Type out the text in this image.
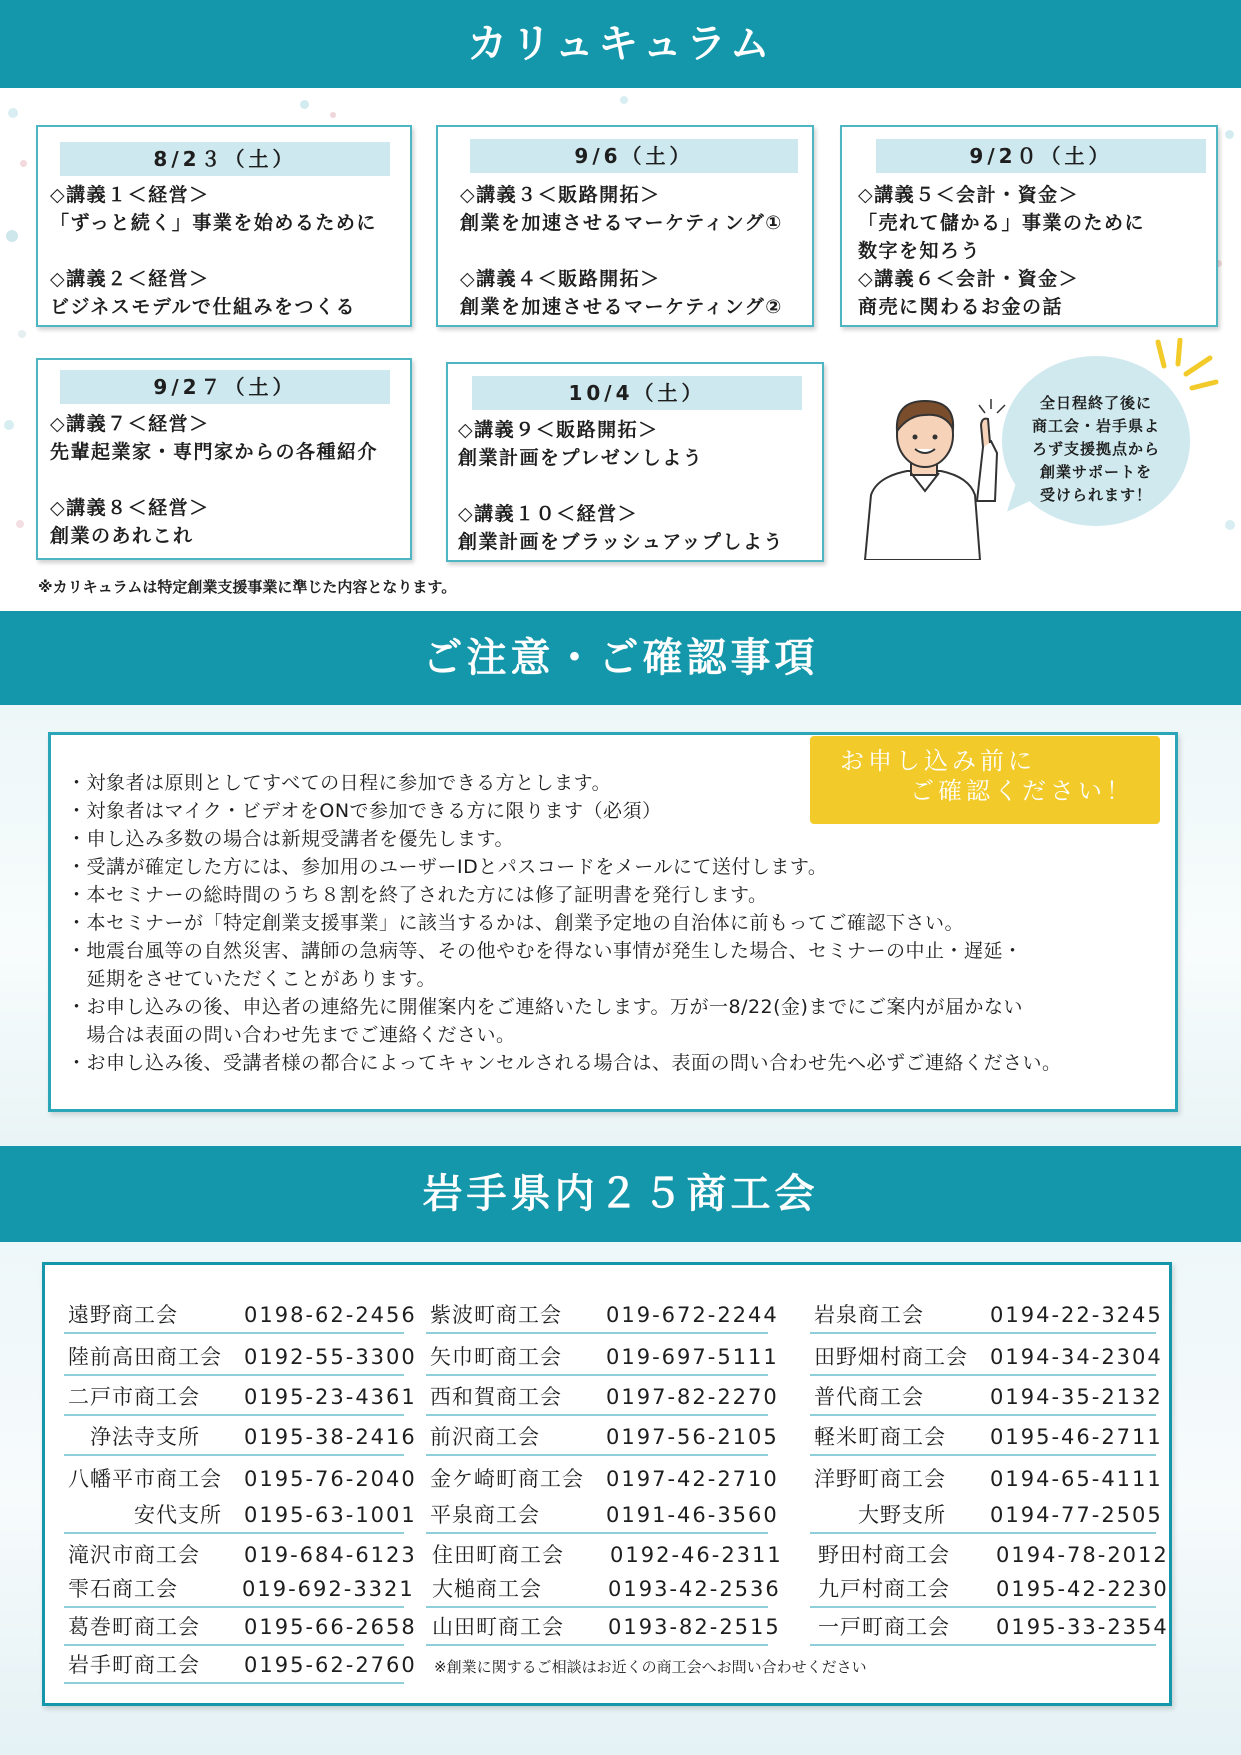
カリュキュラム
8/2３（土）
◇講義１＜経営＞
「ずっと続く」事業を始めるために
◇講義２＜経営＞
ビジネスモデルで仕組みをつくる
9/6（土）
◇講義３＜販路開拓＞
創業を加速させるマーケティング①
◇講義４＜販路開拓＞
創業を加速させるマーケティング②
9/2０（土）
◇講義５＜会計・資金＞
「売れて儲かる」事業のために
数字を知ろう
◇講義６＜会計・資金＞
商売に関わるお金の話
9/2７（土）
◇講義７＜経営＞
先輩起業家・専門家からの各種紹介
◇講義８＜経営＞
創業のあれこれ
10/4（土）
◇講義９＜販路開拓＞
創業計画をプレゼンしよう
◇講義１０＜経営＞
創業計画をブラッシュアップしよう
全日程終了後に
商工会・岩手県よ
ろず支援拠点から
創業サポートを
受けられます！
※カリキュラムは特定創業支援事業に準じた内容となります。
ご注意・ご確認事項
・対象者は原則としてすべての日程に参加できる方とします。
・対象者はマイク・ビデオをONで参加できる方に限ります（必須）
・申し込み多数の場合は新規受講者を優先します。
・受講が確定した方には、参加用のユーザーIDとパスコードをメールにて送付します。
・本セミナーの総時間のうち８割を終了された方には修了証明書を発行します。
・本セミナーが「特定創業支援事業」に該当するかは、創業予定地の自治体に前もってご確認下さい。
・地震台風等の自然災害、講師の急病等、その他やむを得ない事情が発生した場合、セミナーの中止・遅延・
　延期をさせていただくことがあります。
・お申し込みの後、申込者の連絡先に開催案内をご連絡いたします。万が一8/22(金)までにご案内が届かない
　場合は表面の問い合わせ先までご連絡ください。
・お申し込み後、受講者様の都合によってキャンセルされる場合は、表面の問い合わせ先へ必ずご連絡ください。
お申し込み前に
ご確認ください！
岩手県内２５商工会
遠野商工会	0198-62-2456
陸前高田商工会 0192-55-3300
二戸市商工会 0195-23-4361
浄法寺支所 0195-38-2416
八幡平市商工会 0195-76-2040
安代支所 0195-63-1001
滝沢市商工会 019-684-6123
雫石商工会	019-692-3321
葛巻町商工会 0195-66-2658
岩手町商工会 0195-62-2760
紫波町商工会 019-672-2244
矢巾町商工会 019-697-5111
西和賀商工会 0197-82-2270
前沢商工会	0197-56-2105
金ケ崎町商工会 0197-42-2710
平泉商工会	0191-46-3560
住田町商工会 0192-46-2311
大槌商工会	0193-42-2536
山田町商工会 0193-82-2515
岩泉商工会	0194-22-3245
田野畑村商工会 0194-34-2304
普代商工会	0194-35-2132
軽米町商工会 0195-46-2711
洋野町商工会 0194-65-4111
大野支所 0194-77-2505
野田村商工会 0194-78-2012
九戸村商工会 0195-42-2230
一戸町商工会 0195-33-2354
※創業に関するご相談はお近くの商工会へお問い合わせください
